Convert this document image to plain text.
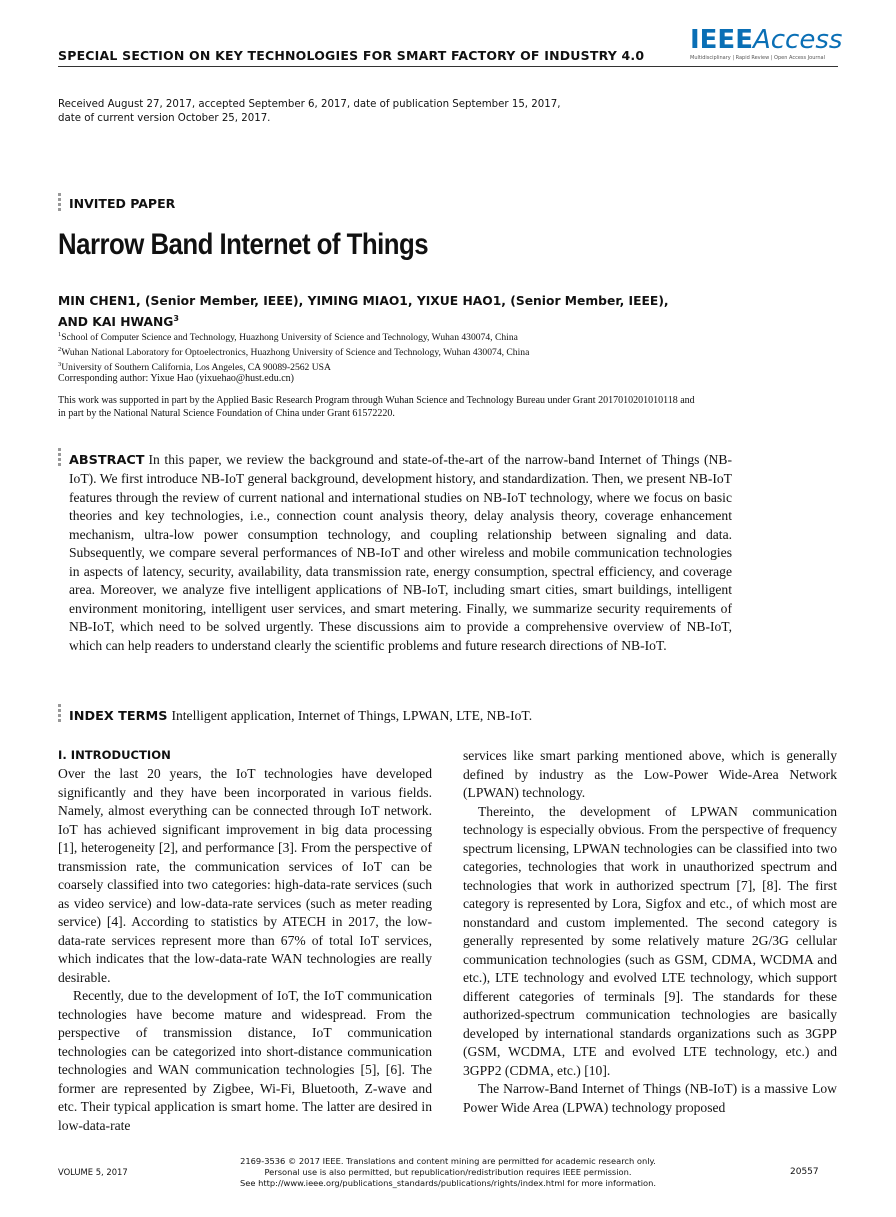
SPECIAL SECTION ON KEY TECHNOLOGIES FOR SMART FACTORY OF INDUSTRY 4.0
IEEEAccess
Multidisciplinary | Rapid Review | Open Access Journal
Received August 27, 2017, accepted September 6, 2017, date of publication September 15, 2017,
date of current version October 25, 2017.
INVITED PAPER
Narrow Band Internet of Things
MIN CHEN1, (Senior Member, IEEE), YIMING MIAO1, YIXUE HAO1, (Senior Member, IEEE),
AND KAI HWANG$^3$
$^1$School of Computer Science and Technology, Huazhong University of Science and Technology, Wuhan 430074, China
$^2$Wuhan National Laboratory for Optoelectronics, Huazhong University of Science and Technology, Wuhan 430074, China
$^3$University of Southern California, Los Angeles, CA 90089-2562 USA
Corresponding author: Yixue Hao (yixuehao@hust.edu.cn)
This work was supported in part by the Applied Basic Research Program through Wuhan Science and Technology Bureau under Grant 2017010201010118 and in part by the National Natural Science Foundation of China under Grant 61572220.
ABSTRACT In this paper, we review the background and state-of-the-art of the narrow-band Internet of Things (NB-IoT). We first introduce NB-IoT general background, development history, and standardization. Then, we present NB-IoT features through the review of current national and international studies on NB-IoT technology, where we focus on basic theories and key technologies, i.e., connection count analysis theory, delay analysis theory, coverage enhancement mechanism, ultra-low power consumption technology, and coupling relationship between signaling and data. Subsequently, we compare several performances of NB-IoT and other wireless and mobile communication technologies in aspects of latency, security, availability, data transmission rate, energy consumption, spectral efficiency, and coverage area. Moreover, we analyze five intelligent applications of NB-IoT, including smart cities, smart buildings, intelligent environment monitoring, intelligent user services, and smart metering. Finally, we summarize security requirements of NB-IoT, which need to be solved urgently. These discussions aim to provide a comprehensive overview of NB-IoT, which can help readers to understand clearly the scientific problems and future research directions of NB-IoT.
INDEX TERMS Intelligent application, Internet of Things, LPWAN, LTE, NB-IoT.
I. INTRODUCTION

Over the last 20 years, the IoT technologies have developed significantly and they have been incorporated in various fields. Namely, almost everything can be connected through IoT network. IoT has achieved significant improvement in big data processing [1], heterogeneity [2], and performance [3]. From the perspective of transmission rate, the communication services of IoT can be coarsely classified into two categories: high-data-rate services (such as video service) and low-data-rate services (such as meter reading service) [4]. According to statistics by ATECH in 2017, the low-data-rate services represent more than 67% of total IoT services, which indicates that the low-data-rate WAN technologies are really desirable.

Recently, due to the development of IoT, the IoT communication technologies have become mature and widespread. From the perspective of transmission distance, IoT communication technologies can be categorized into short-distance communication technologies and WAN communication technologies [5], [6]. The former are represented by Zigbee, Wi-Fi, Bluetooth, Z-wave and etc. Their typical application is smart home. The latter are desired in low-data-rate

services like smart parking mentioned above, which is generally defined by industry as the Low-Power Wide-Area Network (LPWAN) technology.

Thereinto, the development of LPWAN communication technology is especially obvious. From the perspective of frequency spectrum licensing, LPWAN technologies can be classified into two categories, technologies that work in unauthorized spectrum and technologies that work in authorized spectrum [7], [8]. The first category is represented by Lora, Sigfox and etc., of which most are nonstandard and custom implemented. The second category is generally represented by some relatively mature 2G/3G cellular communication technologies (such as GSM, CDMA, WCDMA and etc.), LTE technology and evolved LTE technology, which support different categories of terminals [9]. The standards for these authorized-spectrum communication technologies are basically developed by international standards organizations such as 3GPP (GSM, WCDMA, LTE and evolved LTE technology, etc.) and 3GPP2 (CDMA, etc.) [10].

The Narrow-Band Internet of Things (NB-IoT) is a massive Low Power Wide Area (LPWA) technology proposed

VOLUME 5, 2017
2169-3536 © 2017 IEEE. Translations and content mining are permitted for academic research only.
Personal use is also permitted, but republication/redistribution requires IEEE permission.
See http://www.ieee.org/publications_standards/publications/rights/index.html for more information.
20557
